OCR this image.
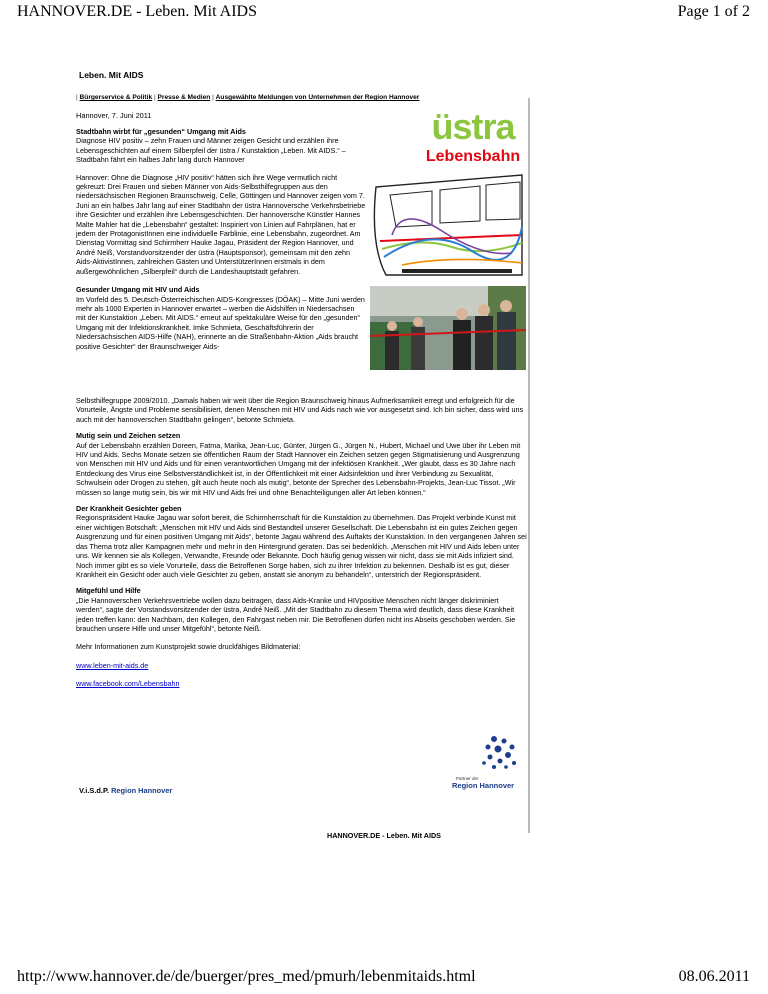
HANNOVER.DE - Leben. Mit AIDS	Page 1 of 2
Leben. Mit AIDS
| Bürgerservice & Politik | Presse & Medien | Ausgewählte Meldungen von Unternehmen der Region Hannover
Hannover, 7. Juni 2011

Stadtbahn wirbt für „gesunden“ Umgang mit Aids

Diagnose HIV positiv – zehn Frauen und Männer zeigen Gesicht und erzählen ihre Lebensgeschichten auf einem Silberpfeil der üstra / Kunstaktion „Leben. Mit AIDS.“ – Stadtbahn fährt ein halbes Jahr lang durch Hannover

Hannover: Ohne die Diagnose „HIV positiv“ hätten sich ihre Wege vermutlich nicht gekreuzt: Drei Frauen und sieben Männer von Aids-Selbsthilfegruppen aus den niedersächsischen Regionen Braunschweig, Celle, Göttingen und Hannover zeigen vom 7. Juni an ein halbes Jahr lang auf einer Stadtbahn der üstra Hannoversche Verkehrsbetriebe ihre Gesichter und erzählen ihre Lebensgeschichten. Der hannoversche Künstler Hannes Malte Mahler hat die „Lebensbahn“ gestaltet: Inspiriert von Linien auf Fahrplänen, hat er jedem der ProtagonistInnen eine individuelle Farblinie, eine Lebensbahn, zugeordnet. Am Dienstag Vormittag sind Schirmherr Hauke Jagau, Präsident der Region Hannover, und André Neiß, Vorstandvorsitzender der üstra (Hauptsponsor), gemeinsam mit den zehn Aids-AktivistInnen, zahlreichen Gästen und UnterstützerInnen erstmals in dem außergewöhnlichen „Silberpfeil“ durch die Landeshauptstadt gefahren.

Gesunder Umgang mit HIV und Aids

Im Vorfeld des 5. Deutsch-Österreichischen AIDS-Kongresses (DÖAK) – Mitte Juni werden mehr als 1000 Experten in Hannover erwartet – werben die Aidshilfen in Niedersachsen mit der Kunstaktion „Leben. Mit AIDS.“ erneut auf spektakuläre Weise für den „gesunden“ Umgang mit der Infektionskrankheit. Imke Schmieta, Geschäftsführerin der Niedersächsischen AIDS-Hilfe (NAH), erinnerte an die Straßenbahn-Aktion „Aids braucht positive Gesichter“ der Braunschweiger Aids-

Selbsthilfegruppe 2009/2010. „Damals haben wir weit über die Region Braunschweig hinaus Aufmerksamkeit erregt und erfolgreich für die Vorurteile, Ängste und Probleme sensibilisiert, denen Menschen mit HIV und Aids nach wie vor ausgesetzt sind. Ich bin sicher, dass wird uns auch mit der hannoverschen Stadtbahn gelingen“, betonte Schmieta.

Mutig sein und Zeichen setzen

Auf der Lebensbahn erzählen Doreen, Fatma, Marika, Jean-Luc, Günter, Jürgen G., Jürgen N., Hubert, Michael und Uwe über ihr Leben mit HIV und Aids. Sechs Monate setzen sie öffentlichen Raum der Stadt Hannover ein Zeichen setzen gegen Stigmatisierung und Ausgrenzung von Menschen mit HIV und Aids und für einen verantwortlichen Umgang mit der infektiösen Krankheit. „Wer glaubt, dass es 30 Jahre nach Entdeckung des Virus eine Selbstverständlichkeit ist, in der Öffentlichkeit mit einer Aidsinfektion und ihrer Verbindung zu Sexualität, Schwulsein oder Drogen zu stehen, gilt auch heute noch als mutig“, betonte der Sprecher des Lebensbahn-Projekts, Jean-Luc Tissot. „Wir müssen so lange mutig sein, bis wir mit HIV und Aids frei und ohne Benachteiligungen aller Art leben können.“

Der Krankheit Gesichter geben

Regionspräsident Hauke Jagau war sofort bereit, die Schirmherrschaft für die Kunstaktion zu übernehmen. Das Projekt verbinde Kunst mit einer wichtigen Botschaft: „Menschen mit HIV und Aids sind Bestandteil unserer Gesellschaft. Die Lebensbahn ist ein gutes Zeichen gegen Ausgrenzung und für einen positiven Umgang mit Aids“, betonte Jagau während des Auftakts der Kunstaktion. In den vergangenen Jahren sei das Thema trotz aller Kampagnen mehr und mehr in den Hintergrund geraten. Das sei bedenklich. „Menschen mit HIV und Aids leben unter uns. Wir kennen sie als Kollegen, Verwandte, Freunde oder Bekannte. Doch häufig genug wissen wir nicht, dass sie mit Aids infiziert sind. Noch immer gibt es so viele Vorurteile, dass die Betroffenen Sorge haben, sich zu ihrer Infektion zu bekennen. Deshalb ist es gut, dieser Krankheit ein Gesicht oder auch viele Gesichter zu geben, anstatt sie anonym zu behandeln“, unterstrich der Regionspräsident.

Mitgefühl und Hilfe

„Die Hannoverschen Verkehrsvertriebe wollen dazu beitragen, dass Aids-Kranke und HIVpositive Menschen nicht länger diskriminiert werden“, sagte der Vorstandsvorsitzender der üstra, André Neiß. „Mit der Stadtbahn zu diesem Thema wird deutlich, dass diese Krankheit jeden treffen kann: den Nachbarn, den Kollegen, den Fahrgast neben mir. Die Betroffenen dürfen nicht ins Abseits geschoben werden. Sie brauchen unsere Hilfe und unser Mitgefühl“, betonte Neiß.

Mehr Informationen zum Kunstprojekt sowie druckfähiges Bildmaterial:

www.leben-mit-aids.de

www.facebook.com/Lebensbahn

üstra
Lebensbahn
Partner der
Region Hannover
V.i.S.d.P. Region Hannover
HANNOVER.DE - Leben. Mit AIDS
http://www.hannover.de/de/buerger/pres_med/pmurh/lebenmitaids.html	08.06.2011
